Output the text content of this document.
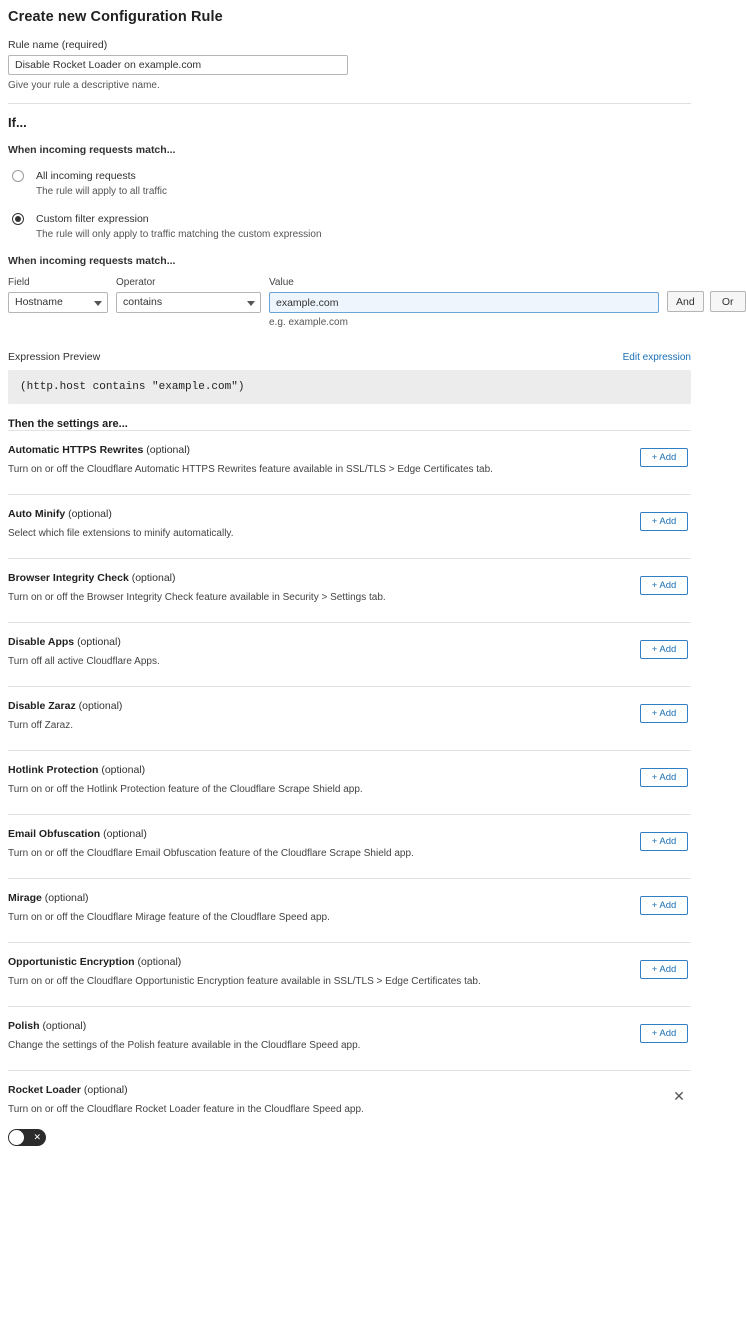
Create new Configuration Rule
Rule name (required)
Disable Rocket Loader on example.com
Give your rule a descriptive name.
If...
When incoming requests match...
All incoming requests
The rule will apply to all traffic
Custom filter expression
The rule will only apply to traffic matching the custom expression
When incoming requests match...
Field
Hostname
Operator
contains
Value
example.com
e.g. example.com
And	Or
Expression Preview	Edit expression
(http.host contains "example.com")
Then the settings are...
Automatic HTTPS Rewrites (optional)
Turn on or off the Cloudflare Automatic HTTPS Rewrites feature available in SSL/TLS > Edge Certificates tab.
+ Add
Auto Minify (optional)
Select which file extensions to minify automatically.
+ Add
Browser Integrity Check (optional)
Turn on or off the Browser Integrity Check feature available in Security > Settings tab.
+ Add
Disable Apps (optional)
Turn off all active Cloudflare Apps.
+ Add
Disable Zaraz (optional)
Turn off Zaraz.
+ Add
Hotlink Protection (optional)
Turn on or off the Hotlink Protection feature of the Cloudflare Scrape Shield app.
+ Add
Email Obfuscation (optional)
Turn on or off the Cloudflare Email Obfuscation feature of the Cloudflare Scrape Shield app.
+ Add
Mirage (optional)
Turn on or off the Cloudflare Mirage feature of the Cloudflare Speed app.
+ Add
Opportunistic Encryption (optional)
Turn on or off the Cloudflare Opportunistic Encryption feature available in SSL/TLS > Edge Certificates tab.
+ Add
Polish (optional)
Change the settings of the Polish feature available in the Cloudflare Speed app.
+ Add
Rocket Loader (optional)
Turn on or off the Cloudflare Rocket Loader feature in the Cloudflare Speed app.
✕
✕
